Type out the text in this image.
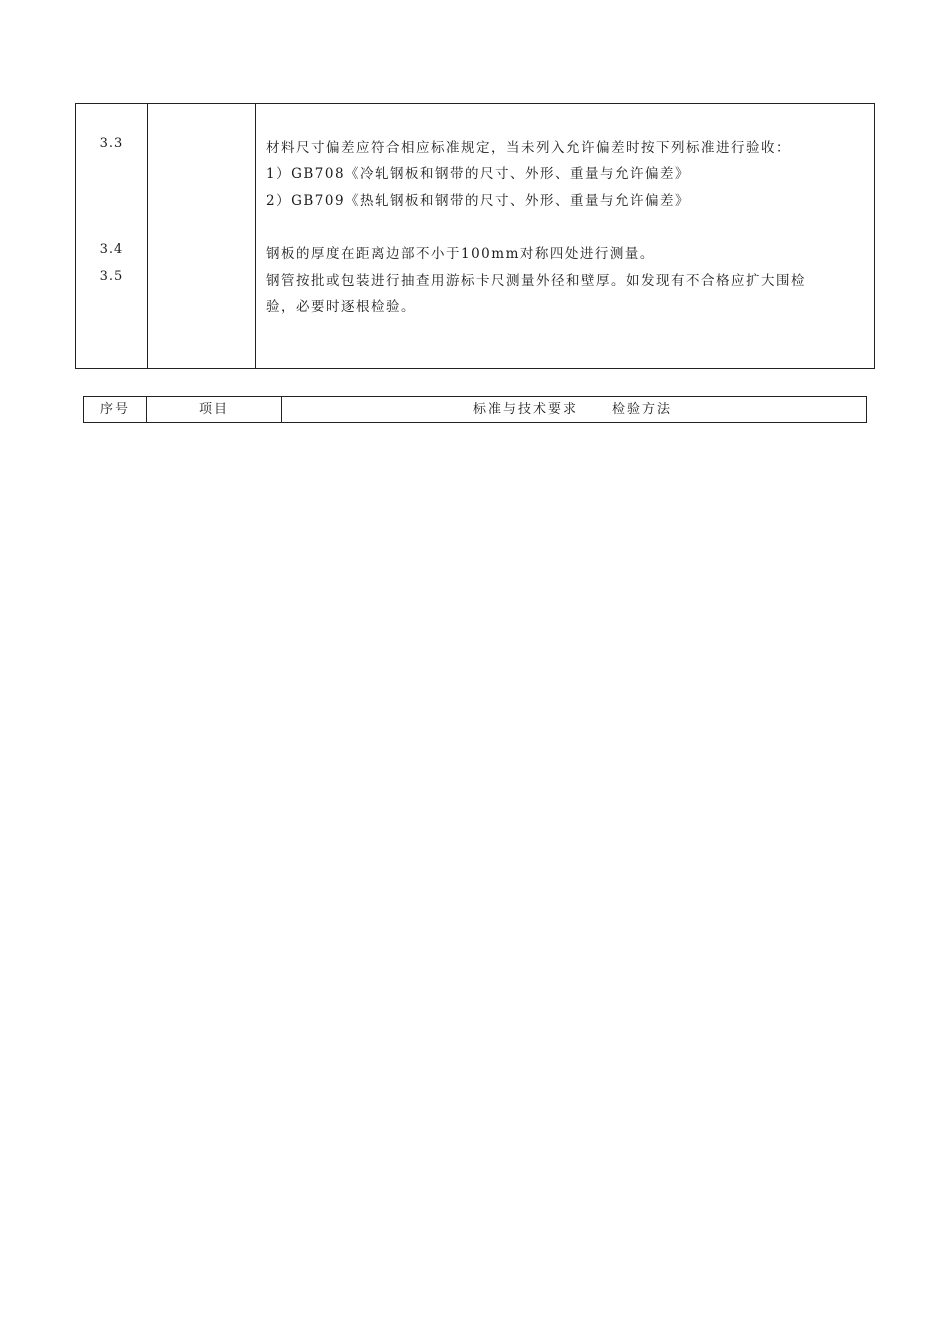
3.3	材料尺寸偏差应符合相应标准规定，当未列入允许偏差时按下列标准进行验收：
1）GB708《冷轧钢板和钢带的尺寸、外形、重量与允许偏差》
2）GB709《热轧钢板和钢带的尺寸、外形、重量与允许偏差》
3.4	钢板的厚度在距离边部不小于100mm对称四处进行测量。
3.5	钢管按批或包装进行抽查用游标卡尺测量外径和壁厚。如发现有不合格应扩大围检
验，必要时逐根检验。
序号	项目	标准与技术要求	检验方法
